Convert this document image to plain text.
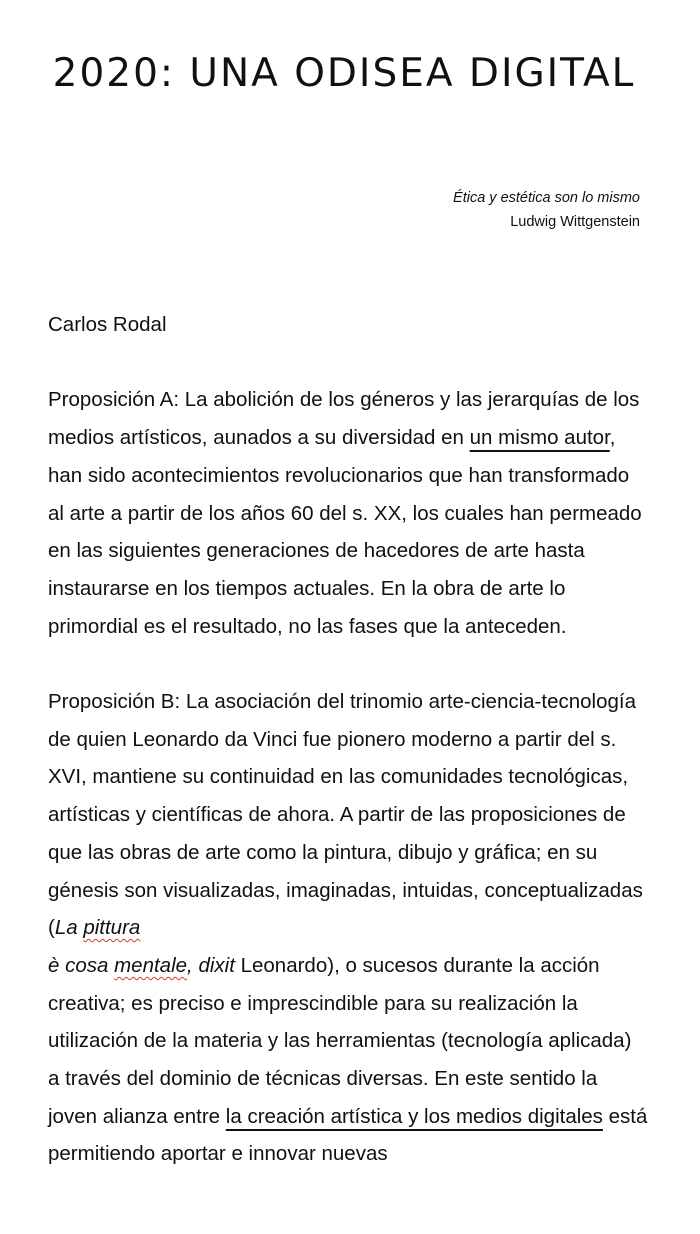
2020: UNA ODISEA DIGITAL
Ética y estética son lo mismo
Ludwig Wittgenstein

Carlos Rodal

Proposición A: La abolición de los géneros y las jerarquías de los medios artísticos, aunados a su diversidad en un mismo autor, han sido acontecimientos revolucionarios que han transformado al arte a partir de los años 60 del s. XX, los cuales han permeado en las siguientes generaciones de hacedores de arte hasta instaurarse en los tiempos actuales. En la obra de arte lo primordial es el resultado, no las fases que la anteceden.

Proposición B: La asociación del trinomio arte-ciencia-tecnología de quien Leonardo da Vinci fue pionero moderno a partir del s. XVI, mantiene su continuidad en las comunidades tecnológicas, artísticas y científicas de ahora. A partir de las proposiciones de que las obras de arte como la pintura, dibujo y gráfica; en su génesis son visualizadas, imaginadas, intuidas, conceptualizadas (La pittura
è cosa mentale, dixit Leonardo), o sucesos durante la acción creativa; es preciso e imprescindible para su realización la utilización de la materia y las herramientas (tecnología aplicada) a través del dominio de técnicas diversas. En este sentido la joven alianza entre la creación artística y los medios digitales está permitiendo aportar e innovar nuevas
